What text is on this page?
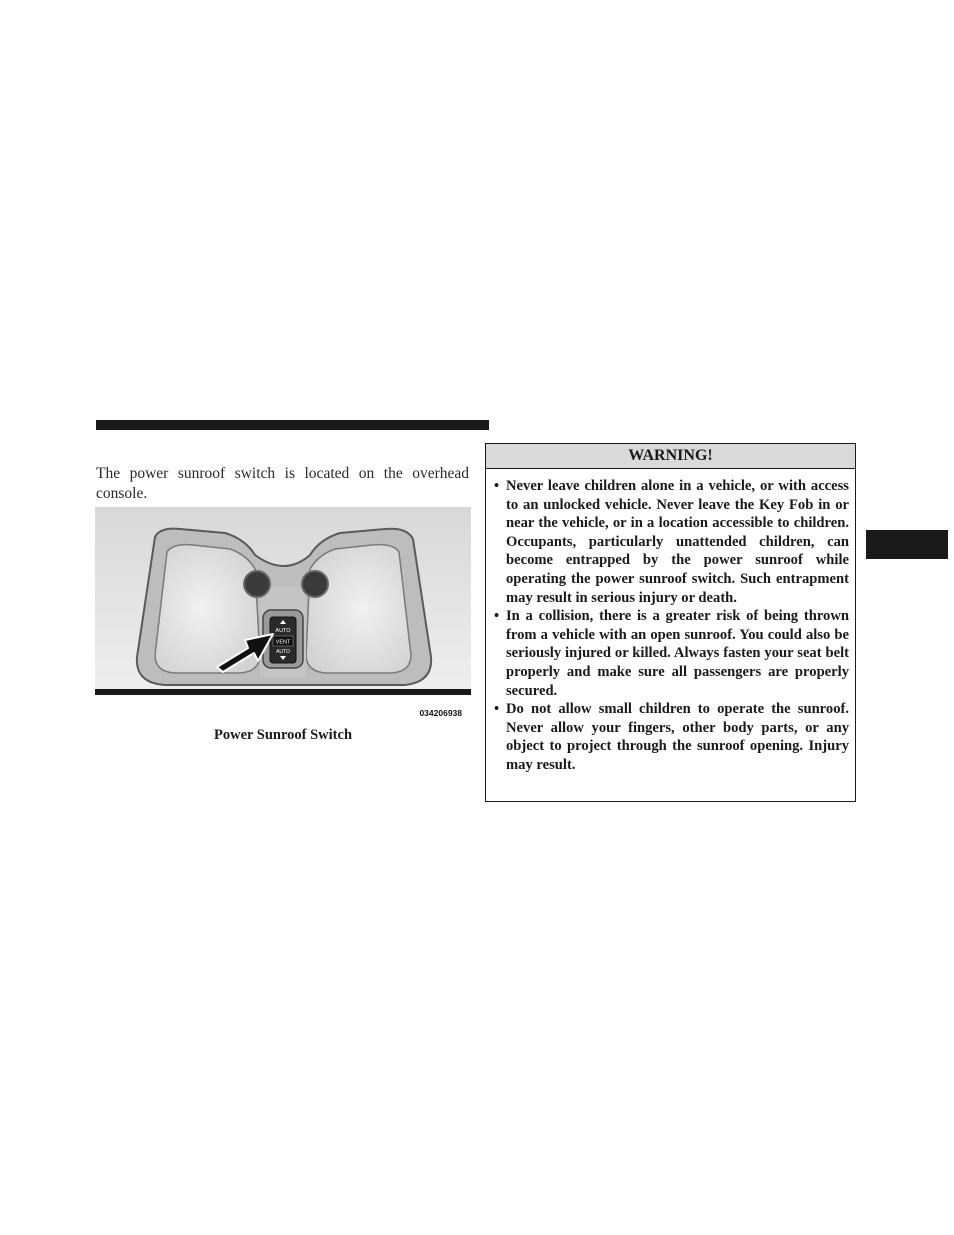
The power sunroof switch is located on the overhead console.

AUTO
VENT
AUTO
034206938
Power Sunroof Switch
WARNING!
• Never leave children alone in a vehicle, or with access to an unlocked vehicle. Never leave the Key Fob in or near the vehicle, or in a location accessible to children. Occupants, particularly unattended children, can become entrapped by the power sunroof while operating the power sunroof switch. Such entrapment may result in serious injury or death.
• In a collision, there is a greater risk of being thrown from a vehicle with an open sunroof. You could also be seriously injured or killed. Always fasten your seat belt properly and make sure all passengers are properly secured.
• Do not allow small children to operate the sunroof. Never allow your fingers, other body parts, or any object to project through the sunroof opening. Injury may result.
